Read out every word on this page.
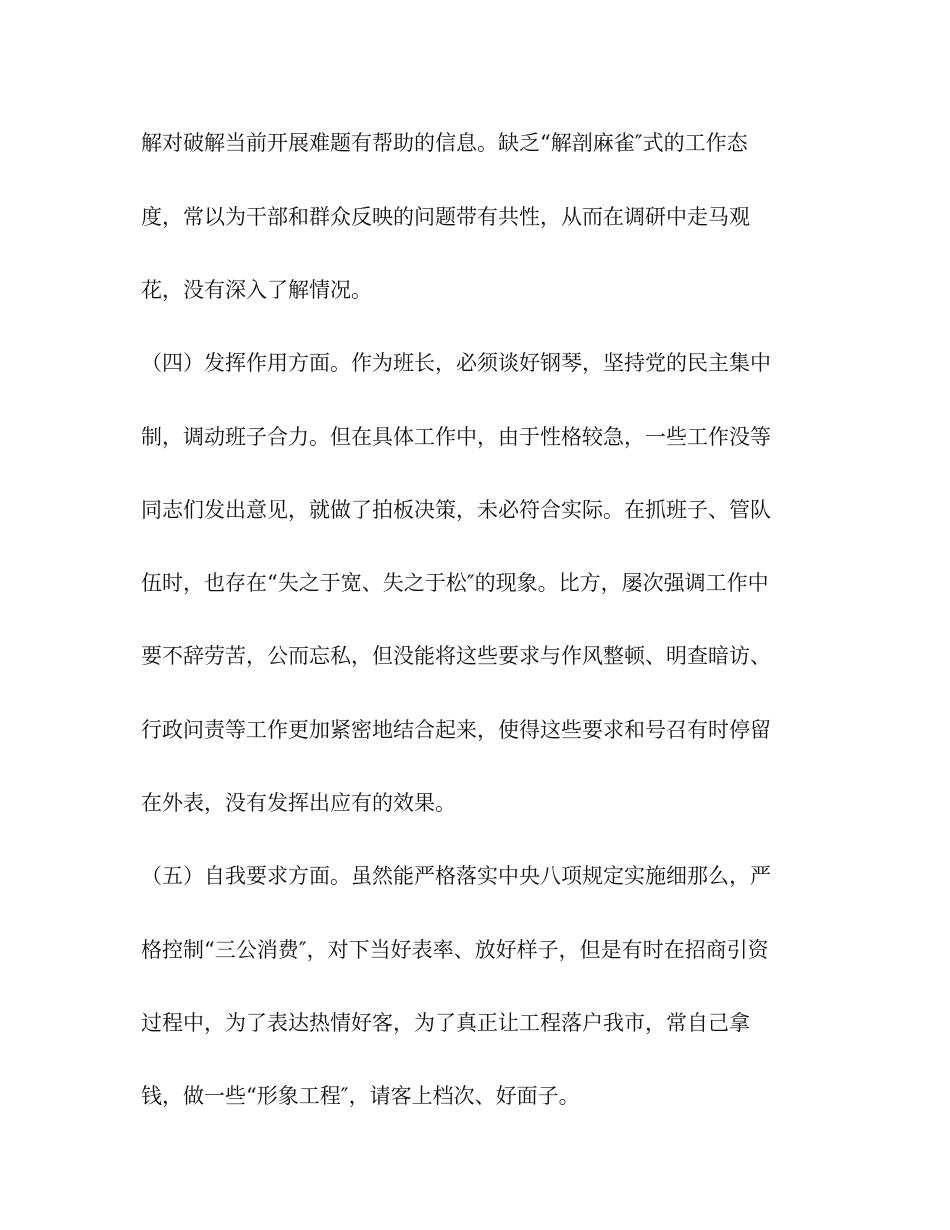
解对破解当前开展难题有帮助的信息。缺乏“解剖麻雀″式的工作态

度，常以为干部和群众反映的问题带有共性，从而在调研中走马观

花，没有深入了解情况。

（四）发挥作用方面。作为班长，必须谈好钢琴，坚持党的民主集中

制，调动班子合力。但在具体工作中，由于性格较急，一些工作没等

同志们发出意见，就做了拍板决策，未必符合实际。在抓班子、管队

伍时，也存在“失之于宽、失之于松″的现象。比方，屡次强调工作中

要不辞劳苦，公而忘私，但没能将这些要求与作风整顿、明查暗访、

行政问责等工作更加紧密地结合起来，使得这些要求和号召有时停留

在外表，没有发挥出应有的效果。

（五）自我要求方面。虽然能严格落实中央八项规定实施细那么，严

格控制“三公消费″，对下当好表率、放好样子，但是有时在招商引资

过程中，为了表达热情好客，为了真正让工程落户我市，常自己拿

钱，做一些“形象工程″，请客上档次、好面子。
